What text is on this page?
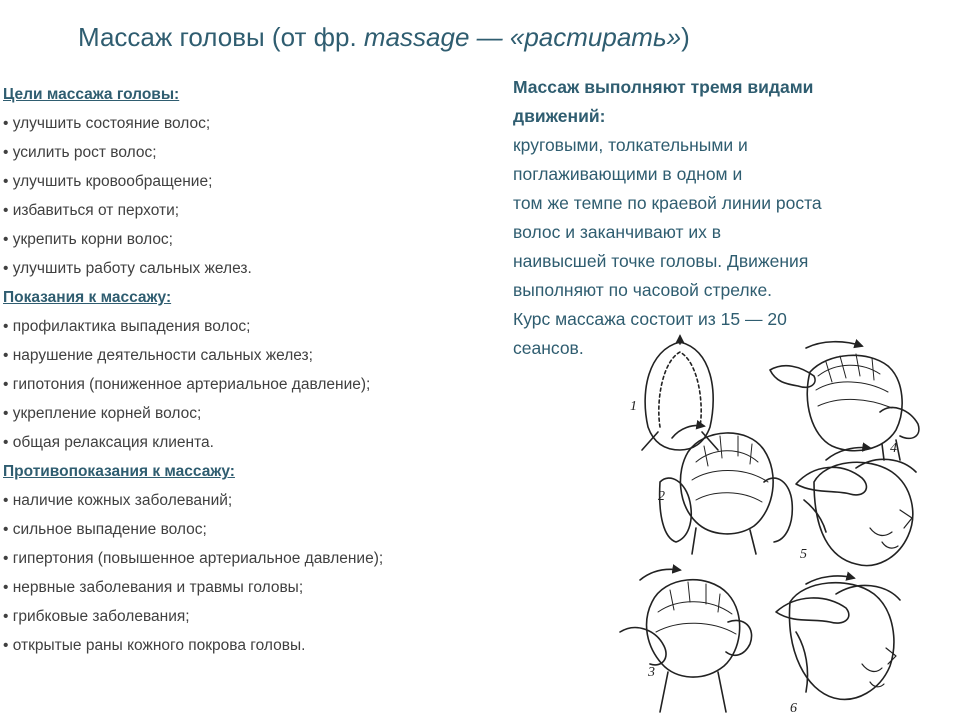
Массаж головы (от фр. massage — «растирать»)
Цели массажа головы:
• улучшить состояние волос;
• усилить рост волос;
• улучшить кровообращение;
• избавиться от перхоти;
• укрепить корни волос;
• улучшить работу сальных желез.
Показания к массажу:
• профилактика выпадения волос;
• нарушение деятельности сальных желез;
• гипотония (пониженное артериальное давление);
• укрепление корней волос;
• общая релаксация клиента.
Противопоказания к массажу:
• наличие кожных заболеваний;
• сильное выпадение волос;
• гипертония (повышенное артериальное давление);
• нервные заболевания и травмы головы;
• грибковые заболевания;
• открытые раны кожного покрова головы.
Массаж выполняют тремя видами
движений:
круговыми, толкательными и
поглаживающими в одном и
том же темпе по краевой линии роста
волос и заканчивают их в
наивысшей точке головы. Движения
выполняют по часовой стрелке.
Курс массажа состоит из 15 — 20
сеансов.
1
4
2
5
3
6
